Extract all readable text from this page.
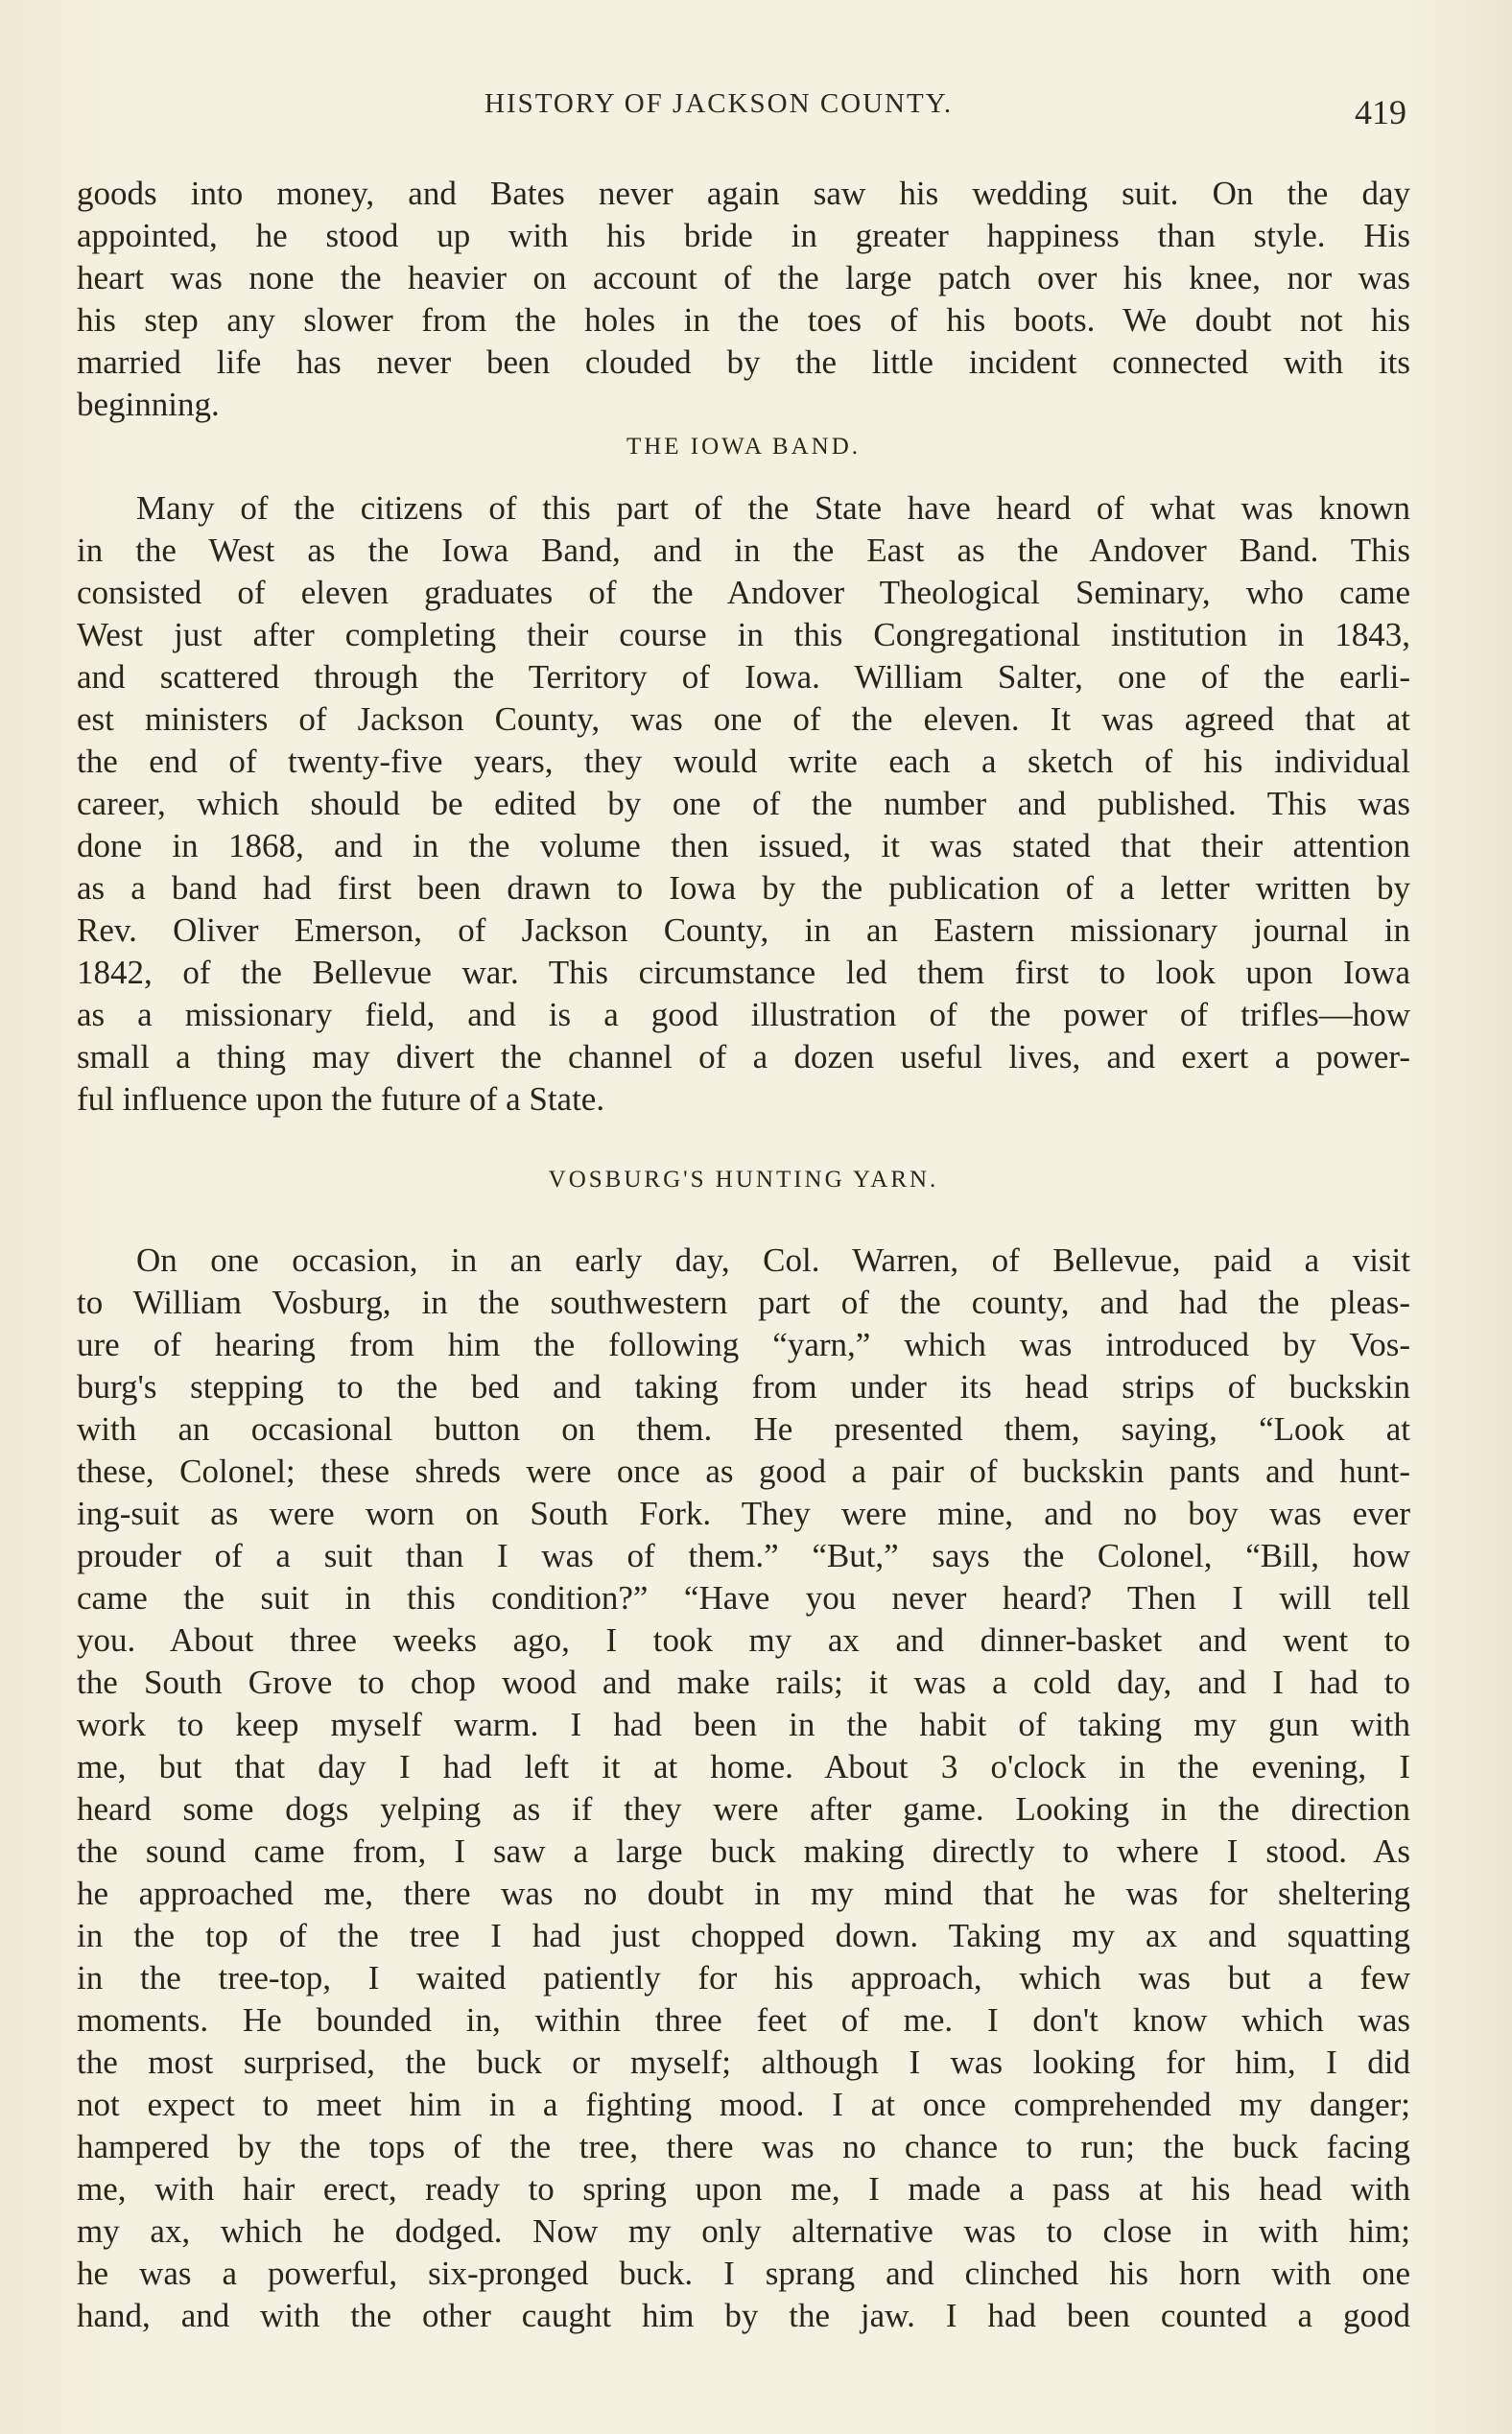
HISTORY OF JACKSON COUNTY.	419
goods into money, and Bates never again saw his wedding suit. On the day
appointed, he stood up with his bride in greater happiness than style. His
heart was none the heavier on account of the large patch over his knee, nor was
his step any slower from the holes in the toes of his boots. We doubt not his
married life has never been clouded by the little incident connected with its
beginning.
THE IOWA BAND.
Many of the citizens of this part of the State have heard of what was known
in the West as the Iowa Band, and in the East as the Andover Band. This
consisted of eleven graduates of the Andover Theological Seminary, who came
West just after completing their course in this Congregational institution in 1843,
and scattered through the Territory of Iowa. William Salter, one of the earli-
est ministers of Jackson County, was one of the eleven. It was agreed that at
the end of twenty-five years, they would write each a sketch of his individual
career, which should be edited by one of the number and published. This was
done in 1868, and in the volume then issued, it was stated that their attention
as a band had first been drawn to Iowa by the publication of a letter written by
Rev. Oliver Emerson, of Jackson County, in an Eastern missionary journal in
1842, of the Bellevue war. This circumstance led them first to look upon Iowa
as a missionary field, and is a good illustration of the power of trifles—how
small a thing may divert the channel of a dozen useful lives, and exert a power-
ful influence upon the future of a State.
VOSBURG'S HUNTING YARN.
On one occasion, in an early day, Col. Warren, of Bellevue, paid a visit
to William Vosburg, in the southwestern part of the county, and had the pleas-
ure of hearing from him the following “yarn,” which was introduced by Vos-
burg's stepping to the bed and taking from under its head strips of buckskin
with an occasional button on them. He presented them, saying, “Look at
these, Colonel; these shreds were once as good a pair of buckskin pants and hunt-
ing-suit as were worn on South Fork. They were mine, and no boy was ever
prouder of a suit than I was of them.” “But,” says the Colonel, “Bill, how
came the suit in this condition?” “Have you never heard? Then I will tell
you. About three weeks ago, I took my ax and dinner-basket and went to
the South Grove to chop wood and make rails; it was a cold day, and I had to
work to keep myself warm. I had been in the habit of taking my gun with
me, but that day I had left it at home. About 3 o'clock in the evening, I
heard some dogs yelping as if they were after game. Looking in the direction
the sound came from, I saw a large buck making directly to where I stood. As
he approached me, there was no doubt in my mind that he was for sheltering
in the top of the tree I had just chopped down. Taking my ax and squatting
in the tree-top, I waited patiently for his approach, which was but a few
moments. He bounded in, within three feet of me. I don't know which was
the most surprised, the buck or myself; although I was looking for him, I did
not expect to meet him in a fighting mood. I at once comprehended my danger;
hampered by the tops of the tree, there was no chance to run; the buck facing
me, with hair erect, ready to spring upon me, I made a pass at his head with
my ax, which he dodged. Now my only alternative was to close in with him;
he was a powerful, six-pronged buck. I sprang and clinched his horn with one
hand, and with the other caught him by the jaw. I had been counted a good
